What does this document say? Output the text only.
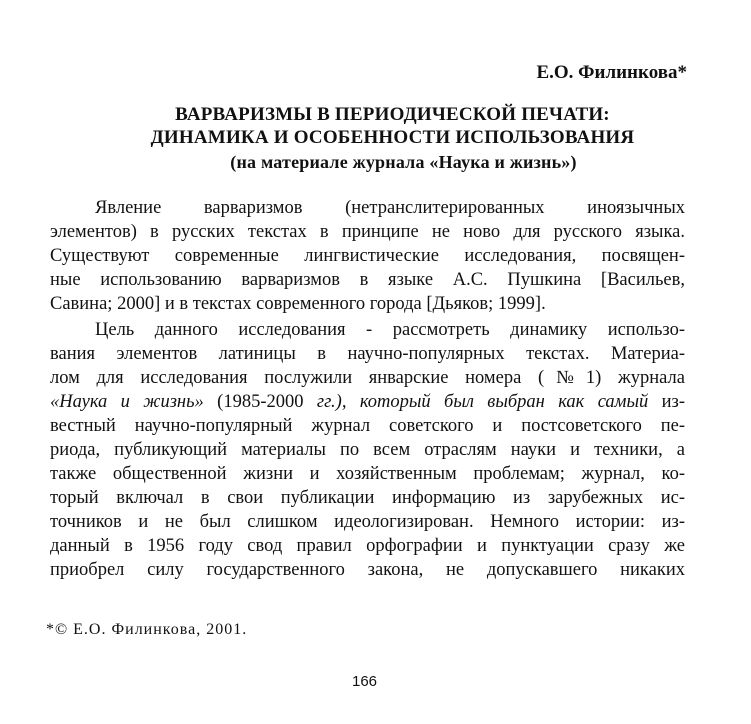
Е.О. Филинкова*
ВАРВАРИЗМЫ В ПЕРИОДИЧЕСКОЙ ПЕЧАТИ:
ДИНАМИКА И ОСОБЕННОСТИ ИСПОЛЬЗОВАНИЯ
(на материале журнала «Наука и жизнь»)
Явление варваризмов (нетранслитерированных иноязычных
элементов) в русских текстах в принципе не ново для русского языка.
Существуют современные лингвистические исследования, посвящен-
ные использованию варваризмов в языке А.С. Пушкина [Васильев,
Савина; 2000] и в текстах современного города [Дьяков; 1999].
Цель данного исследования - рассмотреть динамику использо-
вания элементов латиницы в научно-популярных текстах. Материа-
лом для исследования послужили январские номера (№1) журнала
«Наука и жизнь» (1985-2000 гг.), который был выбран как самый из-
вестный научно-популярный журнал советского и постсоветского пе-
риода, публикующий материалы по всем отраслям науки и техники, а
также общественной жизни и хозяйственным проблемам; журнал, ко-
торый включал в свои публикации информацию из зарубежных ис-
точников и не был слишком идеологизирован. Немного истории: из-
данный в 1956 году свод правил орфографии и пунктуации сразу же
приобрел силу государственного закона, не допускавшего никаких
*© Е.О. Филинкова, 2001.
166
